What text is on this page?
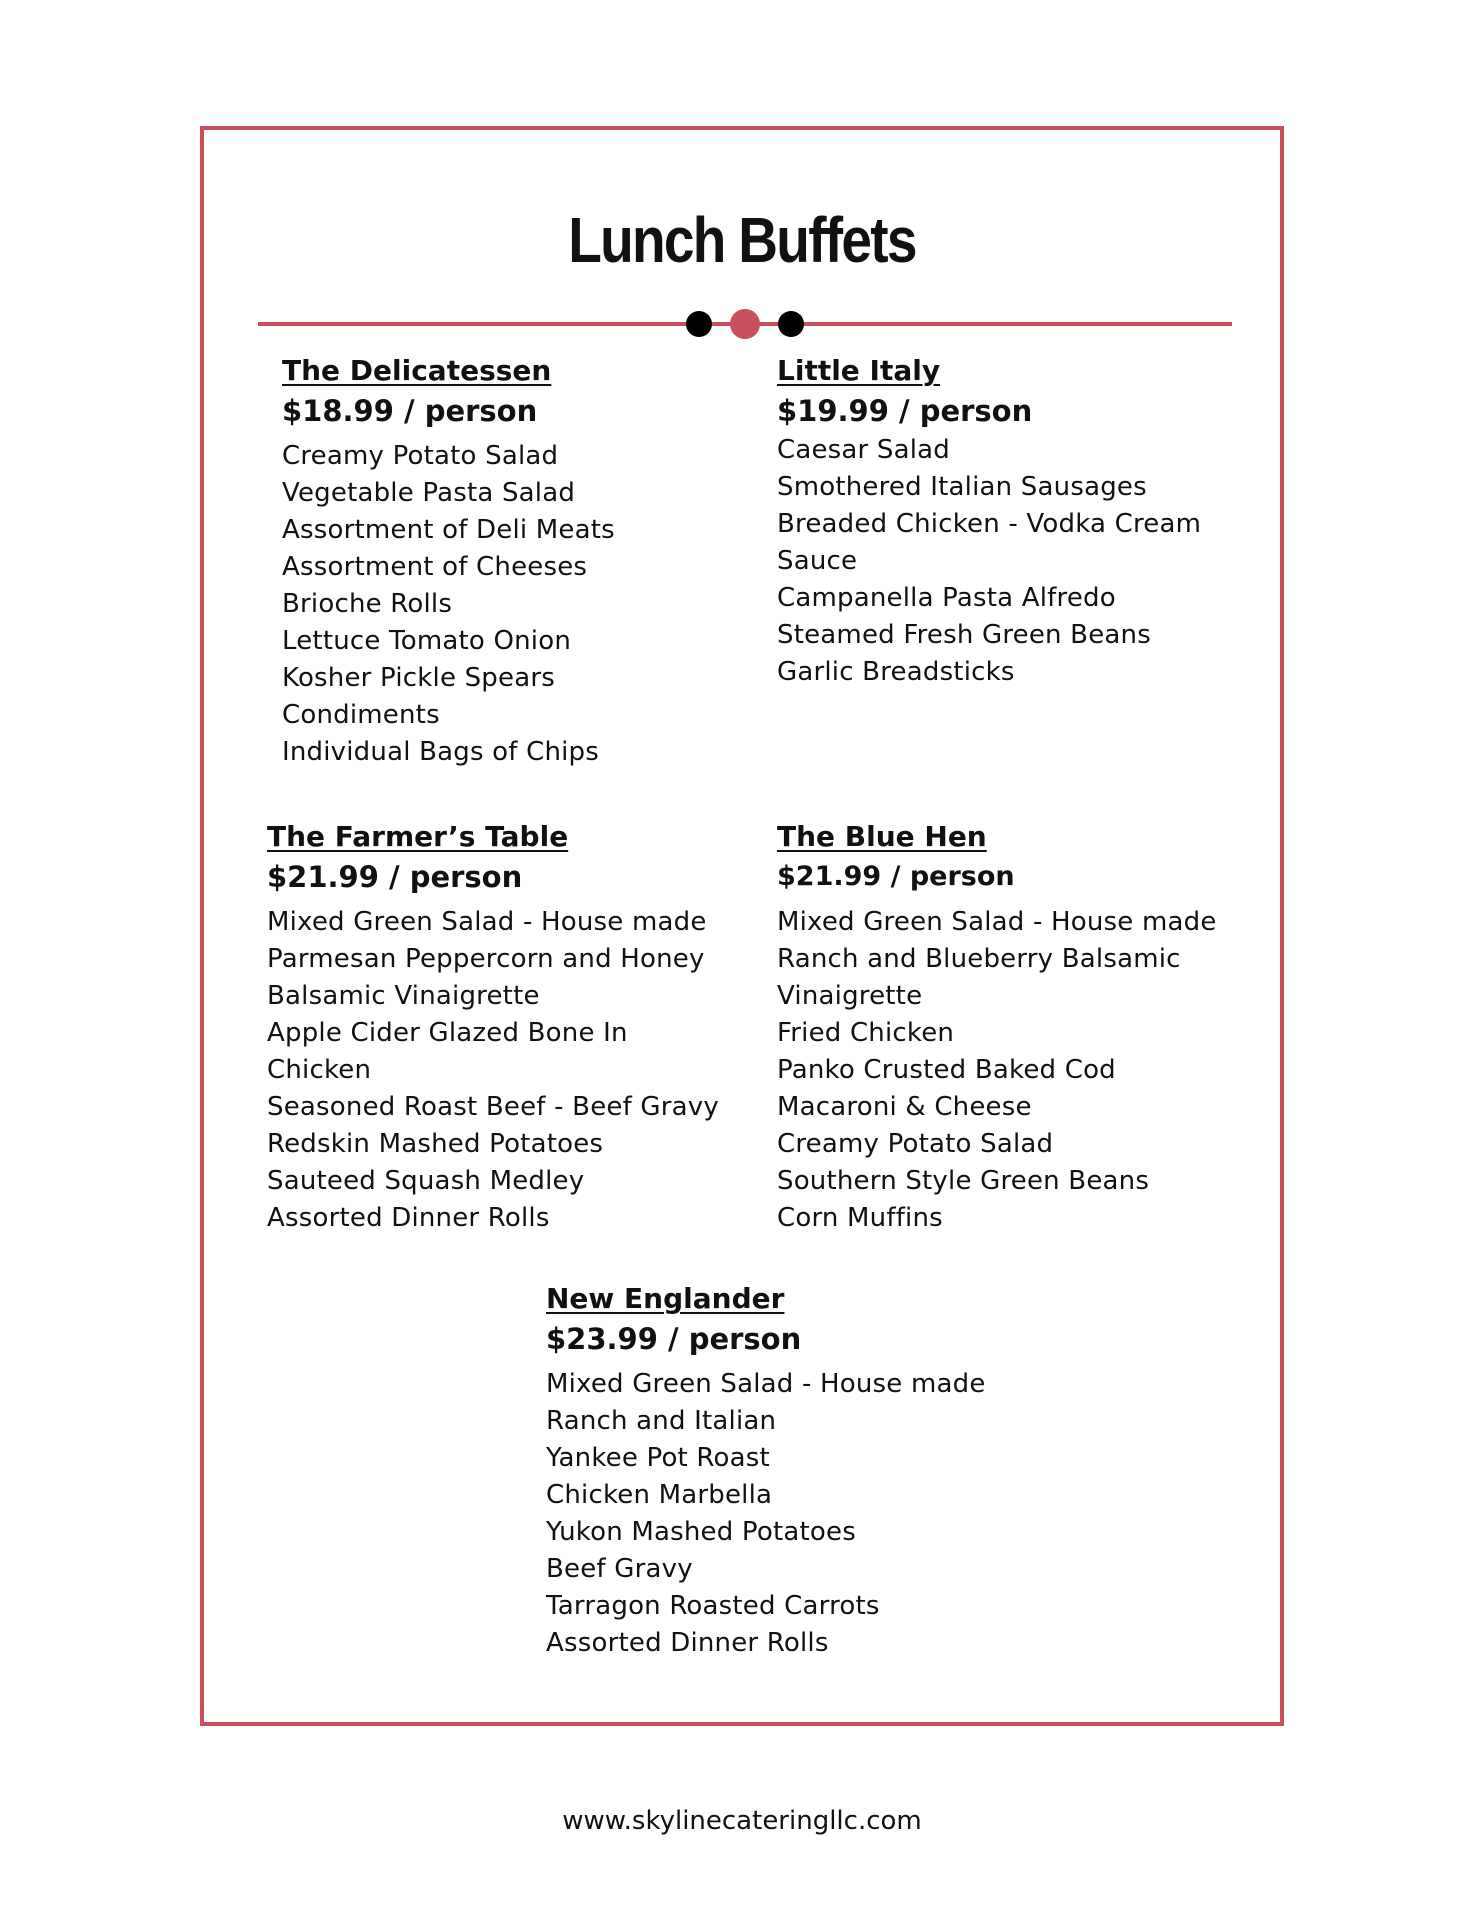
Lunch Buffets
The Delicatessen
$18.99 / person
Creamy Potato Salad
Vegetable Pasta Salad
Assortment of Deli Meats
Assortment of Cheeses
Brioche Rolls
Lettuce Tomato Onion
Kosher Pickle Spears
Condiments
Individual Bags of Chips
Little Italy
$19.99 / person
Caesar Salad
Smothered Italian Sausages
Breaded Chicken - Vodka Cream
Sauce
Campanella Pasta Alfredo
Steamed Fresh Green Beans
Garlic Breadsticks
The Farmer’s Table
$21.99 / person
Mixed Green Salad - House made
Parmesan Peppercorn and Honey
Balsamic Vinaigrette
Apple Cider Glazed Bone In
Chicken
Seasoned Roast Beef - Beef Gravy
Redskin Mashed Potatoes
Sauteed Squash Medley
Assorted Dinner Rolls
The Blue Hen
$21.99 / person
Mixed Green Salad - House made
Ranch and Blueberry Balsamic
Vinaigrette
Fried Chicken
Panko Crusted Baked Cod
Macaroni & Cheese
Creamy Potato Salad
Southern Style Green Beans
Corn Muffins
New Englander
$23.99 / person
Mixed Green Salad - House made
Ranch and Italian
Yankee Pot Roast
Chicken Marbella
Yukon Mashed Potatoes
Beef Gravy
Tarragon Roasted Carrots
Assorted Dinner Rolls
www.skylinecateringllc.com
